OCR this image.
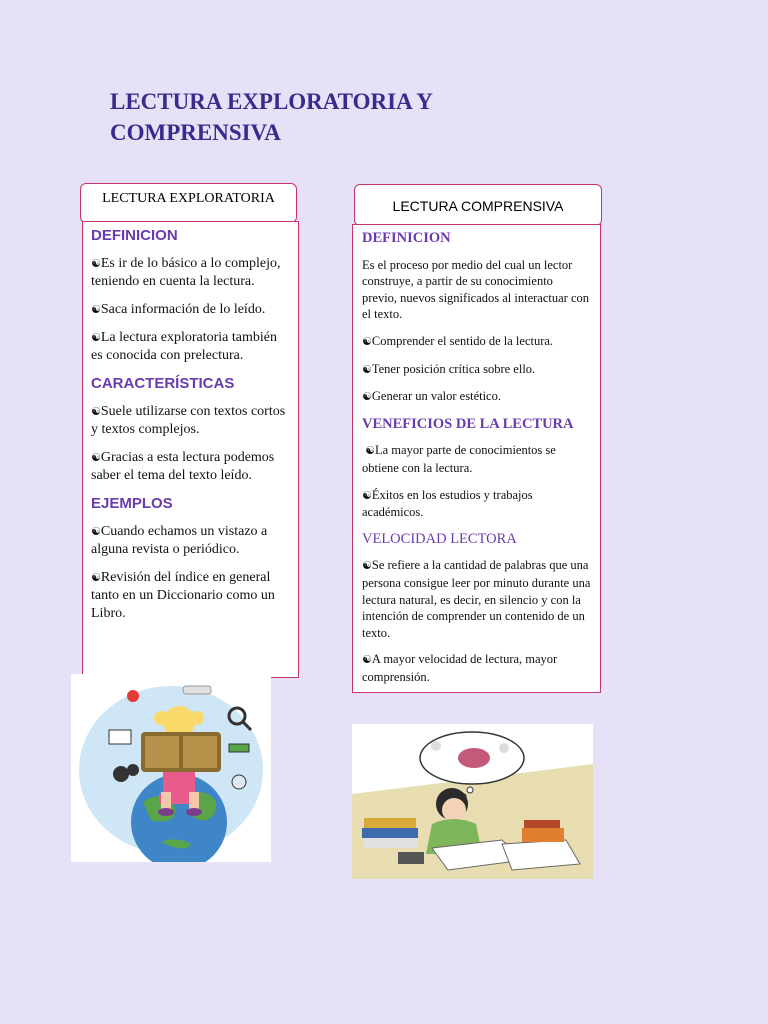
LECTURA EXPLORATORIA Y
COMPRENSIVA
LECTURA EXPLORATORIA
DEFINICION

☯Es ir de lo básico a lo complejo, teniendo en cuenta la lectura.

☯Saca información de lo leído.

☯La lectura exploratoria también es conocida con prelectura.

CARACTERÍSTICAS

☯Suele utilizarse con textos cortos y textos complejos.

☯Gracias a esta lectura podemos saber el tema del texto leído.

EJEMPLOS

☯Cuando echamos un vistazo a alguna revista o periódico.

☯Revisión del índice en general tanto en un Diccionario como un Libro.

LECTURA COMPRENSIVA
DEFINICION

Es el proceso por medio del cual un lector construye, a partir de su conocimiento previo, nuevos significados al interactuar con el texto.

☯Comprender el sentido de la lectura.

☯Tener posición crítica sobre ello.

☯Generar un valor estético.

VENEFICIOS DE LA LECTURA

☯La mayor parte de conocimientos se obtiene con la lectura.

☯Éxitos en los estudios y trabajos académicos.

VELOCIDAD LECTORA

☯Se refiere a la cantidad de palabras que una persona consigue leer por minuto durante una lectura natural, es decir, en silencio y con la intención de comprender un contenido de un texto.

☯A mayor velocidad de lectura, mayor comprensión.
